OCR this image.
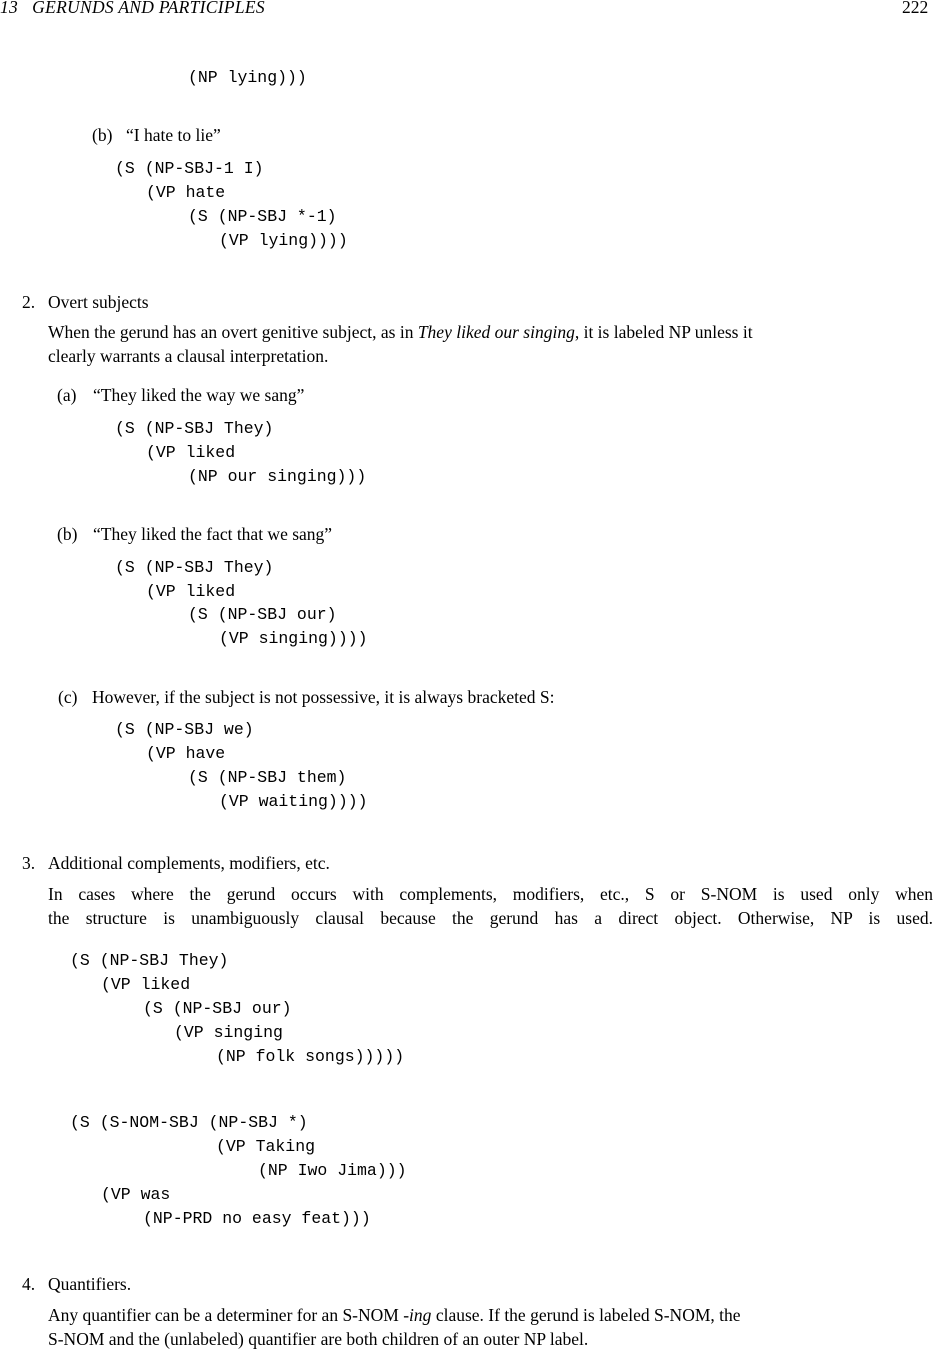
13 GERUNDS AND PARTICIPLES	222
(NP lying)))
(b) “I hate to lie”
(S (NP-SBJ-1 I)
(VP hate
(S (NP-SBJ *-1)
(VP lying))))
2. Overt subjects
When the gerund has an overt genitive subject, as in They liked our singing, it is labeled NP unless it
clearly warrants a clausal interpretation.
(a) “They liked the way we sang”
(S (NP-SBJ They)
(VP liked
(NP our singing)))
(b) “They liked the fact that we sang”
(S (NP-SBJ They)
(VP liked
(S (NP-SBJ our)
(VP singing))))
(c) However, if the subject is not possessive, it is always bracketed S:
(S (NP-SBJ we)
(VP have
(S (NP-SBJ them)
(VP waiting))))
3. Additional complements, modifiers, etc.
In cases where the gerund occurs with complements, modifiers, etc., S or S-NOM is used only when
the structure is unambiguously clausal because the gerund has a direct object. Otherwise, NP is used.
(S (NP-SBJ They)
(VP liked
(S (NP-SBJ our)
(VP singing
(NP folk songs)))))
(S (S-NOM-SBJ (NP-SBJ *)
(VP Taking
(NP Iwo Jima)))
(VP was
(NP-PRD no easy feat)))
4. Quantifiers.
Any quantifier can be a determiner for an S-NOM -ing clause. If the gerund is labeled S-NOM, the
S-NOM and the (unlabeled) quantifier are both children of an outer NP label.
